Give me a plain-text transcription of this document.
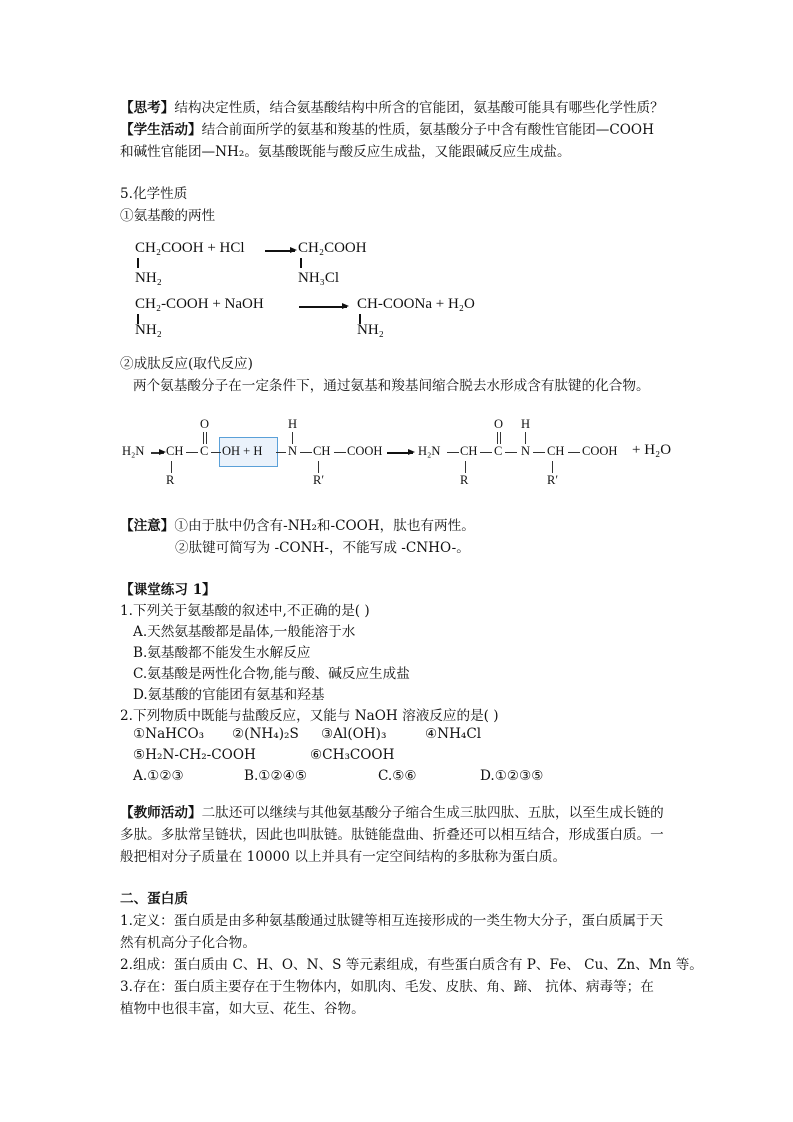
【思考】结构决定性质，结合氨基酸结构中所含的官能团，氨基酸可能具有哪些化学性质？
【学生活动】结合前面所学的氨基和羧基的性质，氨基酸分子中含有酸性官能团—COOH
和碱性官能团—NH₂。氨基酸既能与酸反应生成盐，又能跟碱反应生成盐。
5.化学性质
①氨基酸的两性
CH₂COOH + HCl
NH₂
CH₂COOH
NH₃Cl
CH₂-COOH + NaOH
NH₂
CH-COONa + H₂O
NH₂
②成肽反应(取代反应)
两个氨基酸分子在一定条件下，通过氨基和羧基间缩合脱去水形成含有肽键的化合物。
H₂N CH C
O
OH + H N
H
CH COOH
R	R′
H₂N CH C
O
N
H
CH COOH + H₂O
R	R′
【注意】①由于肽中仍含有-NH₂和-COOH，肽也有两性。
②肽键可简写为 -CONH-，不能写成 -CNHO-。
【课堂练习 1】
1.下列关于氨基酸的叙述中,不正确的是( )
A.天然氨基酸都是晶体,一般能溶于水
B.氨基酸都不能发生水解反应
C.氨基酸是两性化合物,能与酸、碱反应生成盐
D.氨基酸的官能团有氨基和羟基
2.下列物质中既能与盐酸反应，又能与 NaOH 溶液反应的是( )
①NaHCO₃ ②(NH₄)₂S ③Al(OH)₃	④NH₄Cl
⑤H₂N-CH₂-COOH	⑥CH₃COOH
A.①②③	B.①②④⑤	C.⑤⑥	D.①②③⑤
【教师活动】二肽还可以继续与其他氨基酸分子缩合生成三肽四肽、五肽，以至生成长链的
多肽。多肽常呈链状，因此也叫肽链。肽链能盘曲、折叠还可以相互结合，形成蛋白质。一
般把相对分子质量在 10000 以上并具有一定空间结构的多肽称为蛋白质。
二、蛋白质
1.定义：蛋白质是由多种氨基酸通过肽键等相互连接形成的一类生物大分子，蛋白质属于天
然有机高分子化合物。
2.组成：蛋白质由 C、H、O、N、S 等元素组成，有些蛋白质含有 P、Fe、 Cu、Zn、Mn 等。
3.存在：蛋白质主要存在于生物体内，如肌肉、毛发、皮肤、角、蹄、 抗体、病毒等；在
植物中也很丰富，如大豆、花生、谷物。
